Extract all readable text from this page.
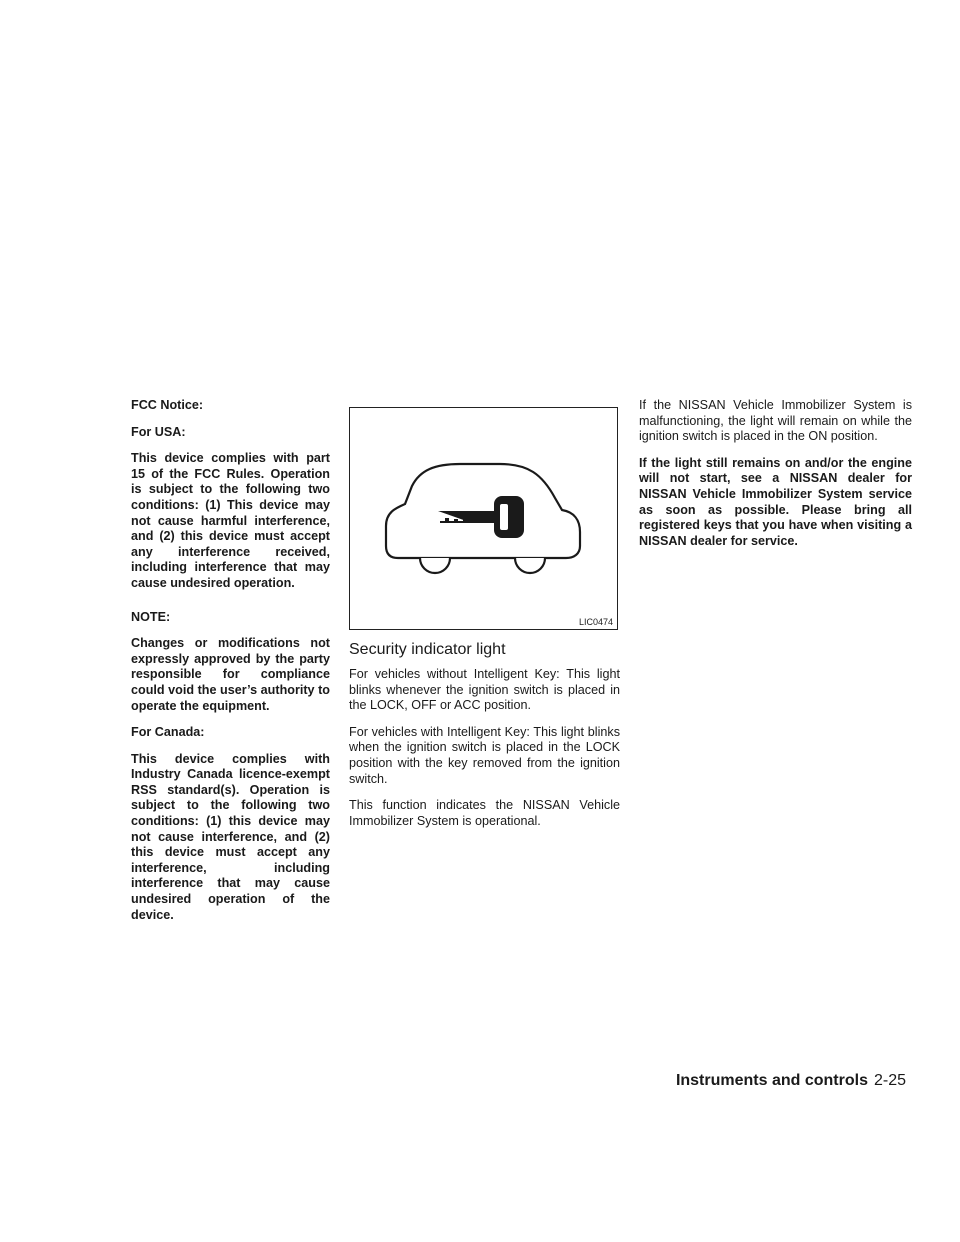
FCC Notice:

For USA:

This device complies with part 15 of the FCC Rules. Operation is subject to the following two conditions: (1) This device may not cause harmful interference, and (2) this device must accept any interference received, including interference that may cause undesired operation.

NOTE:

Changes or modifications not expressly approved by the party responsible for compliance could void the user’s authority to operate the equipment.

For Canada:

This device complies with Industry Canada licence-exempt RSS standard(s). Operation is subject to the following two conditions: (1) this device may not cause interference, and (2) this device must accept any interference, including interference that may cause undesired operation of the device.

LIC0474
Security indicator light

For vehicles without Intelligent Key: This light blinks whenever the ignition switch is placed in the LOCK, OFF or ACC position.

For vehicles with Intelligent Key: This light blinks when the ignition switch is placed in the LOCK position with the key removed from the ignition switch.

This function indicates the NISSAN Vehicle Immobilizer System is operational.

If the NISSAN Vehicle Immobilizer System is malfunctioning, the light will remain on while the ignition switch is placed in the ON position.

If the light still remains on and/or the engine will not start, see a NISSAN dealer for NISSAN Vehicle Immobilizer System service as soon as possible. Please bring all registered keys that you have when visiting a NISSAN dealer for service.

Instruments and controls 2-25
